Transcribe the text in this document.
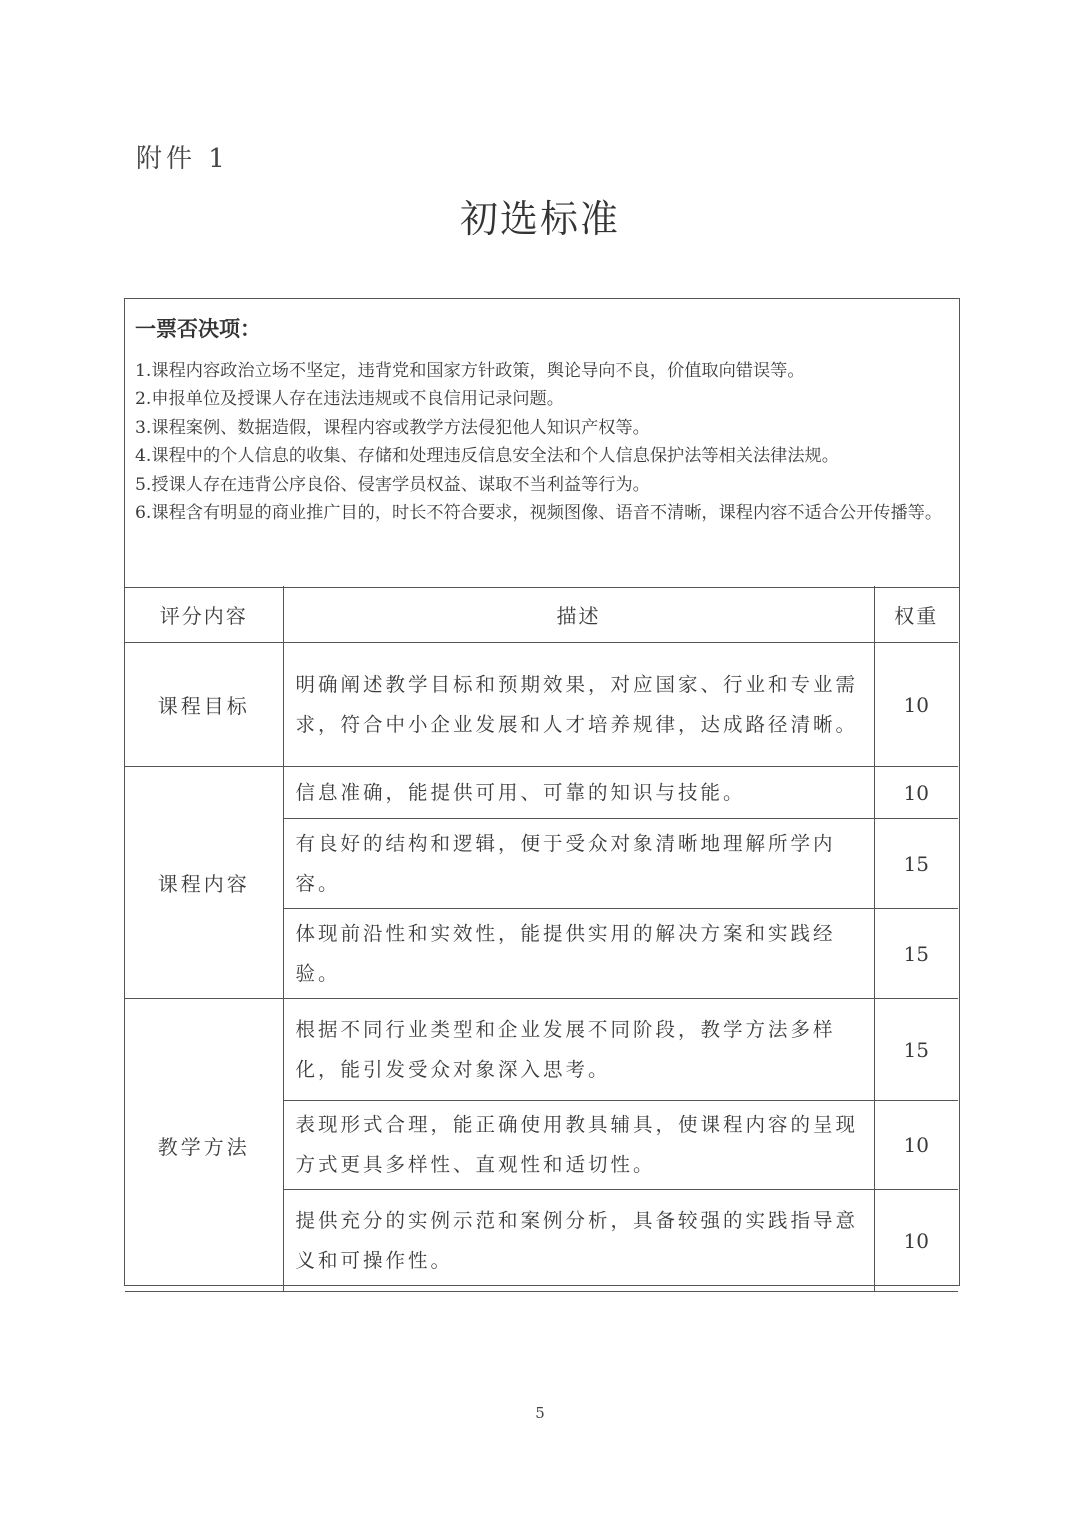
附件 1
初选标准
一票否决项：
1.课程内容政治立场不坚定，违背党和国家方针政策，舆论导向不良，价值取向错误等。
2.申报单位及授课人存在违法违规或不良信用记录问题。
3.课程案例、数据造假，课程内容或教学方法侵犯他人知识产权等。
4.课程中的个人信息的收集、存储和处理违反信息安全法和个人信息保护法等相关法律法规。
5.授课人存在违背公序良俗、侵害学员权益、谋取不当利益等行为。
6.课程含有明显的商业推广目的，时长不符合要求，视频图像、语音不清晰，课程内容不适合公开传播等。
评分内容	描述	权重
课程目标	明确阐述教学目标和预期效果，对应国家、行业和专业需求，符合中小企业发展和人才培养规律，达成路径清晰。	10
课程内容	信息准确，能提供可用、可靠的知识与技能。	10
	有良好的结构和逻辑，便于受众对象清晰地理解所学内容。	15
	体现前沿性和实效性，能提供实用的解决方案和实践经验。	15
教学方法	根据不同行业类型和企业发展不同阶段，教学方法多样化，能引发受众对象深入思考。	15
	表现形式合理，能正确使用教具辅具，使课程内容的呈现方式更具多样性、直观性和适切性。	10
	提供充分的实例示范和案例分析，具备较强的实践指导意义和可操作性。	10
5
